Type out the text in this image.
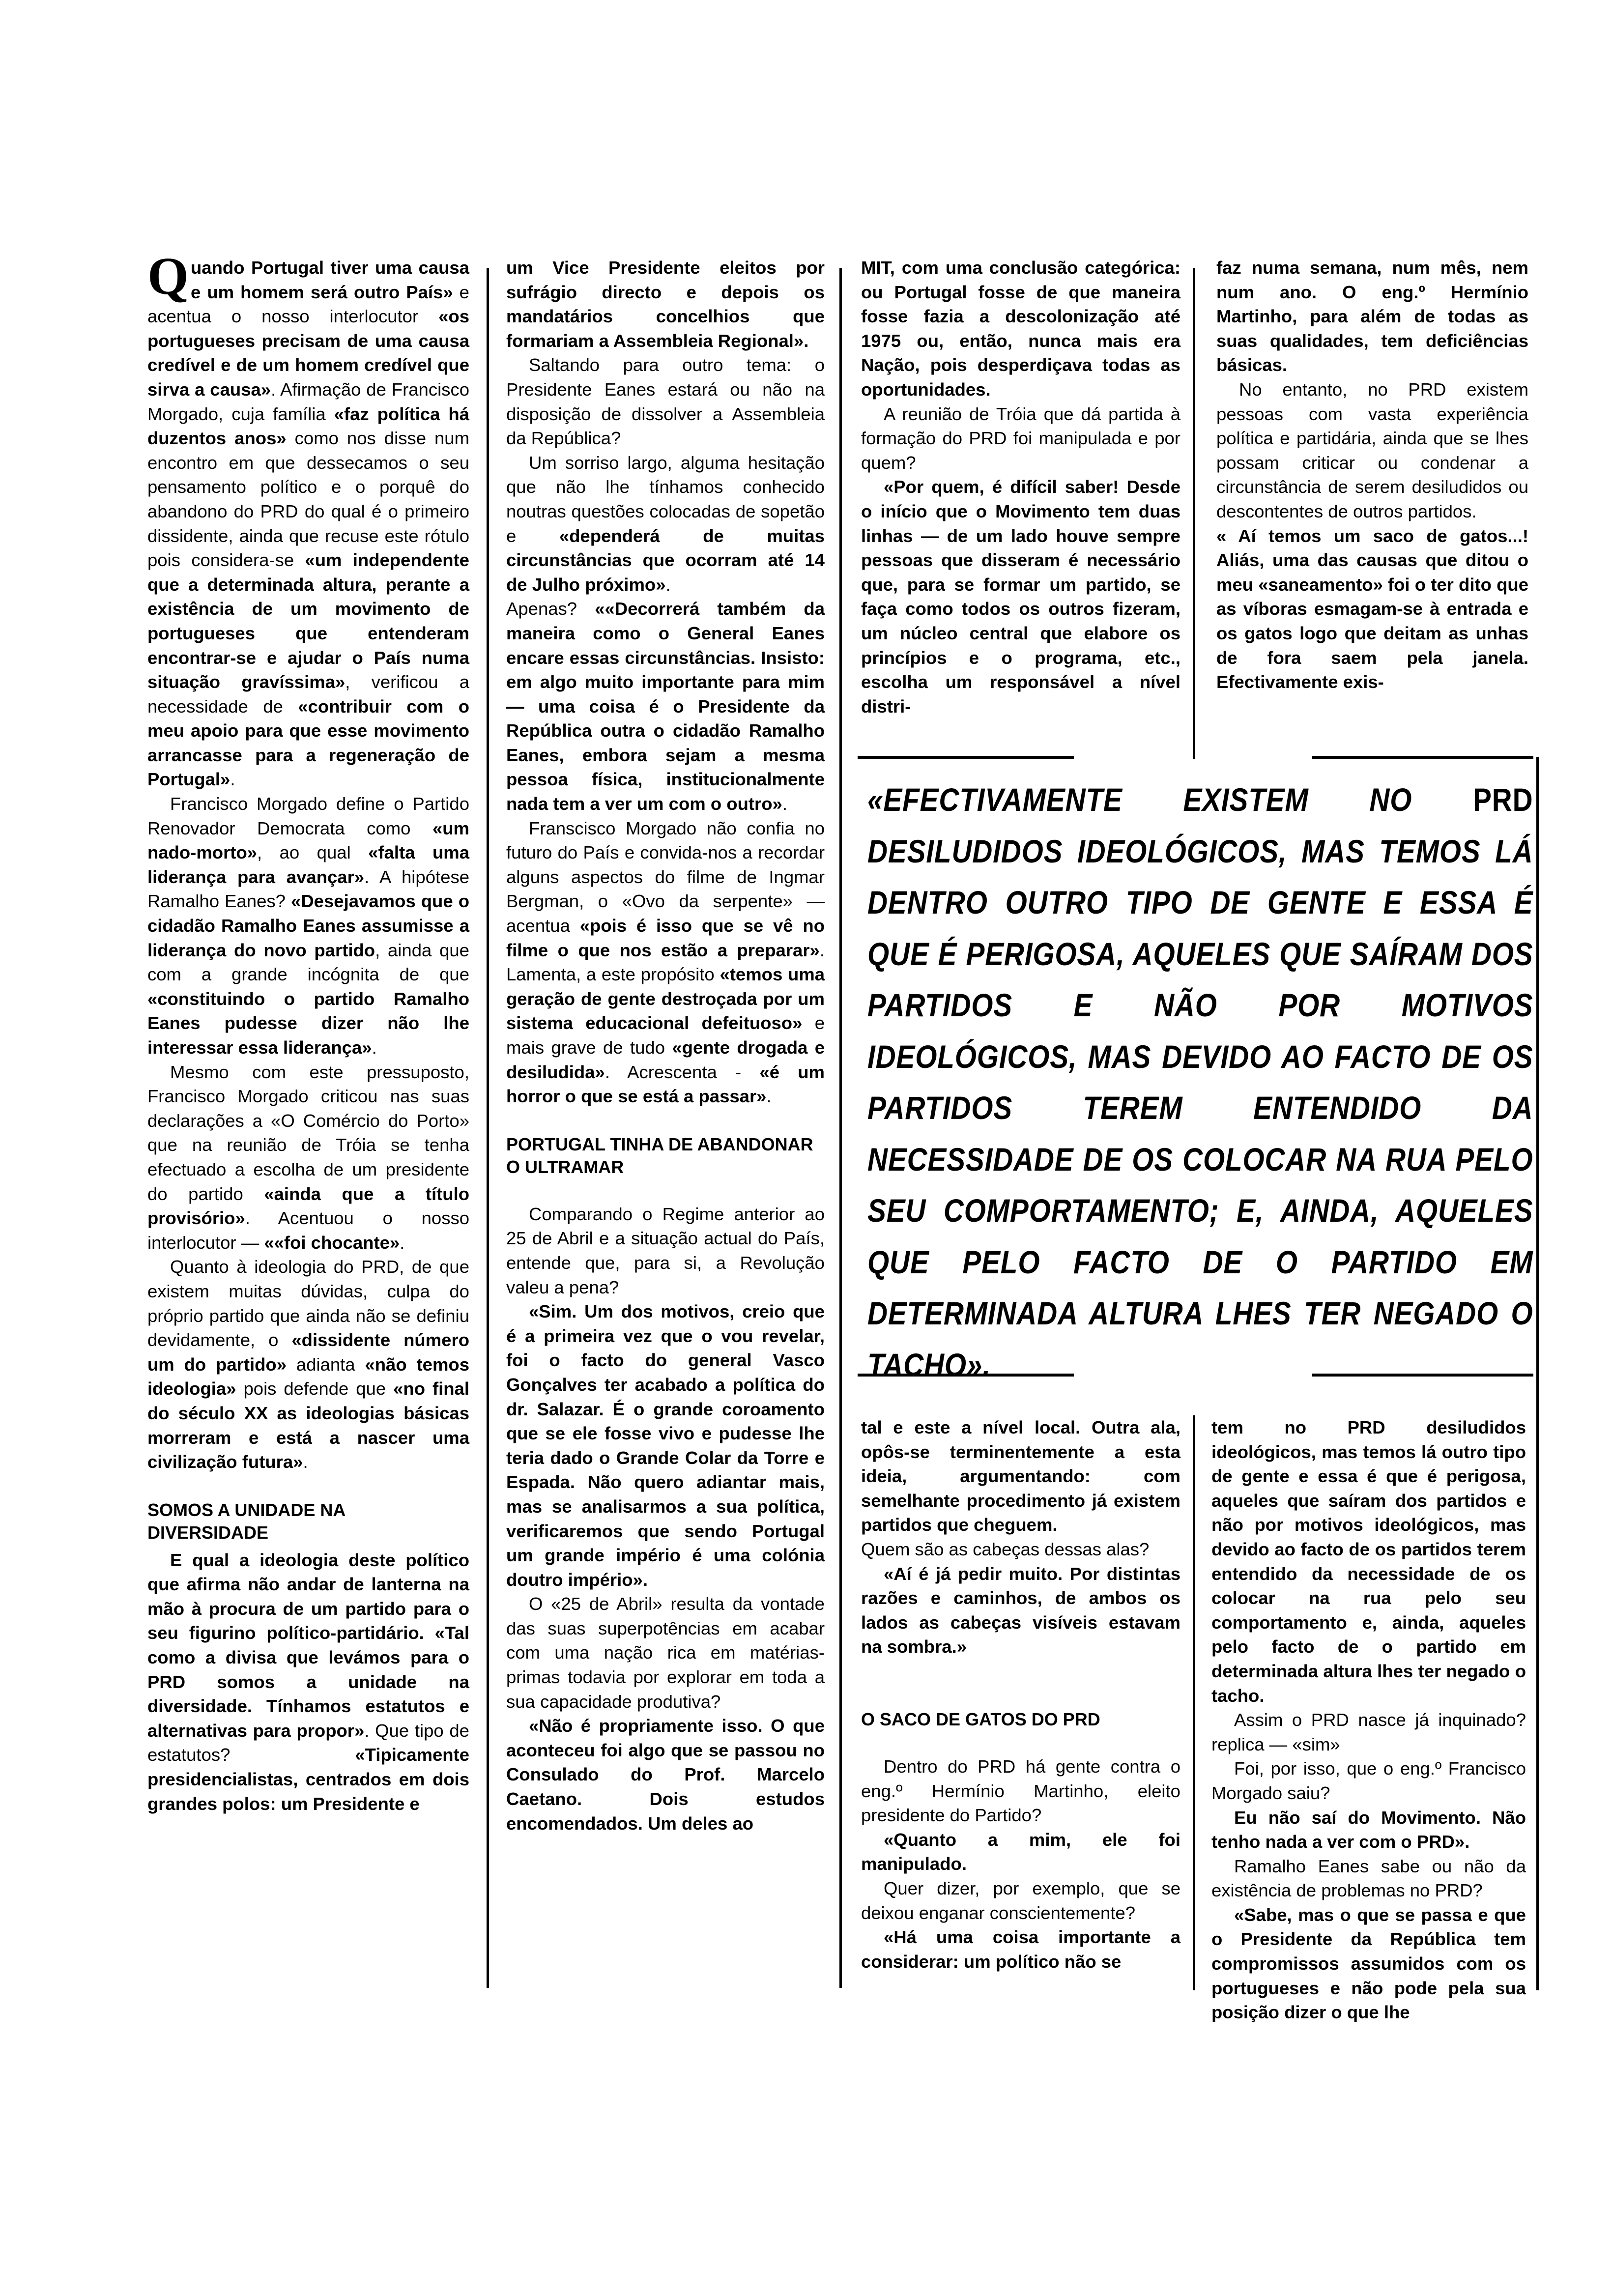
Quando Portugal tiver uma causa e um homem será outro País» e acentua o nosso interlocutor «os portugueses precisam de uma causa credível e de um homem credível que sirva a causa». Afirmação de Francisco Morgado, cuja família «faz política há duzentos anos» como nos disse num encontro em que dessecamos o seu pensamento político e o porquê do abandono do PRD do qual é o primeiro dissidente, ainda que recuse este rótulo pois considera-se «um independente que a determinada altura, perante a existência de um movimento de portugueses que entenderam encontrar-se e ajudar o País numa situação gravíssima», verificou a necessidade de «contribuir com o meu apoio para que esse movimento arrancasse para a regeneração de Portugal».

Francisco Morgado define o Partido Renovador Democrata como «um nado-morto», ao qual «falta uma liderança para avançar». A hipótese Ramalho Eanes? «Desejavamos que o cidadão Ramalho Eanes assumisse a liderança do novo partido, ainda que com a grande incógnita de que «constituindo o partido Ramalho Eanes pudesse dizer não lhe interessar essa liderança».

Mesmo com este pressuposto, Francisco Morgado criticou nas suas declarações a «O Comércio do Porto» que na reunião de Tróia se tenha efectuado a escolha de um presidente do partido «ainda que a título provisório». Acentuou o nosso interlocutor — ««foi chocante».

Quanto à ideologia do PRD, de que existem muitas dúvidas, culpa do próprio partido que ainda não se definiu devidamente, o «dissidente número um do partido» adianta «não temos ideologia» pois defende que «no final do século XX as ideologias básicas morreram e está a nascer uma civilização futura».

SOMOS A UNIDADE NA DIVERSIDADE

E qual a ideologia deste político que afirma não andar de lanterna na mão à procura de um partido para o seu figurino político-partidário. «Tal como a divisa que levámos para o PRD somos a unidade na diversidade. Tínhamos estatutos e alternativas para propor». Que tipo de estatutos? «Tipicamente presidencialistas, centrados em dois grandes polos: um Presidente e

um Vice Presidente eleitos por sufrágio directo e depois os mandatários concelhios que formariam a Assembleia Regional».

Saltando para outro tema: o Presidente Eanes estará ou não na disposição de dissolver a Assembleia da República?

Um sorriso largo, alguma hesitação que não lhe tínhamos conhecido noutras questões colocadas de sopetão e «dependerá de muitas circunstâncias que ocorram até 14 de Julho próximo».

Apenas? ««Decorrerá também da maneira como o General Eanes encare essas circunstâncias. Insisto: em algo muito importante para mim — uma coisa é o Presidente da República outra o cidadão Ramalho Eanes, embora sejam a mesma pessoa física, institucionalmente nada tem a ver um com o outro».

Franscisco Morgado não confia no futuro do País e convida-nos a recordar alguns aspectos do filme de Ingmar Bergman, o «Ovo da serpente» — acentua «pois é isso que se vê no filme o que nos estão a preparar». Lamenta, a este propósito «temos uma geração de gente destroçada por um sistema educacional defeituoso» e mais grave de tudo «gente drogada e desiludida». Acrescenta - «é um horror o que se está a passar».

PORTUGAL TINHA DE ABANDONAR O ULTRAMAR

Comparando o Regime anterior ao 25 de Abril e a situação actual do País, entende que, para si, a Revolução valeu a pena?

«Sim. Um dos motivos, creio que é a primeira vez que o vou revelar, foi o facto do general Vasco Gonçalves ter acabado a política do dr. Salazar. É o grande coroamento que se ele fosse vivo e pudesse lhe teria dado o Grande Colar da Torre e Espada. Não quero adiantar mais, mas se analisarmos a sua política, verificaremos que sendo Portugal um grande império é uma colónia doutro império».

O «25 de Abril» resulta da vontade das suas superpotências em acabar com uma nação rica em matérias-primas todavia por explorar em toda a sua capacidade produtiva?

«Não é propriamente isso. O que aconteceu foi algo que se passou no Consulado do Prof. Marcelo Caetano. Dois estudos encomendados. Um deles ao

MIT, com uma conclusão categórica: ou Portugal fosse de que maneira fosse fazia a descolonização até 1975 ou, então, nunca mais era Nação, pois desperdiçava todas as oportunidades.

A reunião de Tróia que dá partida à formação do PRD foi manipulada e por quem?

«Por quem, é difícil saber! Desde o início que o Movimento tem duas linhas — de um lado houve sempre pessoas que disseram é necessário que, para se formar um partido, se faça como todos os outros fizeram, um núcleo central que elabore os princípios e o programa, etc., escolha um responsável a nível distri-

faz numa semana, num mês, nem num ano. O eng.º Hermínio Martinho, para além de todas as suas qualidades, tem deficiências básicas.

No entanto, no PRD existem pessoas com vasta experiência política e partidária, ainda que se lhes possam criticar ou condenar a circunstância de serem desiludidos ou descontentes de outros partidos.

« Aí temos um saco de gatos...! Aliás, uma das causas que ditou o meu «saneamento» foi o ter dito que as víboras esmagam-se à entrada e os gatos logo que deitam as unhas de fora saem pela janela. Efectivamente exis-

«EFECTIVAMENTE EXISTEM NO PRD DESILUDIDOS IDEOLÓGICOS, MAS TEMOS LÁ DENTRO OUTRO TIPO DE GENTE E ESSA É QUE É PERIGOSA, AQUELES QUE SAÍRAM DOS PARTIDOS E NÃO POR MOTIVOS IDEOLÓGICOS, MAS DEVIDO AO FACTO DE OS PARTIDOS TEREM ENTENDIDO DA NECESSIDADE DE OS COLOCAR NA RUA PELO SEU COMPORTAMENTO; E, AINDA, AQUELES QUE PELO FACTO DE O PARTIDO EM DETERMINADA ALTURA LHES TER NEGADO O TACHO».

tal e este a nível local. Outra ala, opôs-se terminentemente a esta ideia, argumentando: com semelhante procedimento já existem partidos que cheguem.

Quem são as cabeças dessas alas?

«Aí é já pedir muito. Por distintas razões e caminhos, de ambos os lados as cabeças visíveis estavam na sombra.»

O SACO DE GATOS DO PRD

Dentro do PRD há gente contra o eng.º Hermínio Martinho, eleito presidente do Partido?

«Quanto a mim, ele foi manipulado.

Quer dizer, por exemplo, que se deixou enganar conscientemente?

«Há uma coisa importante a considerar: um político não se

tem no PRD desiludidos ideológicos, mas temos lá outro tipo de gente e essa é que é perigosa, aqueles que saíram dos partidos e não por motivos ideológicos, mas devido ao facto de os partidos terem entendido da necessidade de os colocar na rua pelo seu comportamento e, ainda, aqueles pelo facto de o partido em determinada altura lhes ter negado o tacho.

Assim o PRD nasce já inquinado? replica — «sim»

Foi, por isso, que o eng.º Francisco Morgado saiu?

Eu não saí do Movimento. Não tenho nada a ver com o PRD».

Ramalho Eanes sabe ou não da existência de problemas no PRD?

«Sabe, mas o que se passa e que o Presidente da República tem compromissos assumidos com os portugueses e não pode pela sua posição dizer o que lhe
